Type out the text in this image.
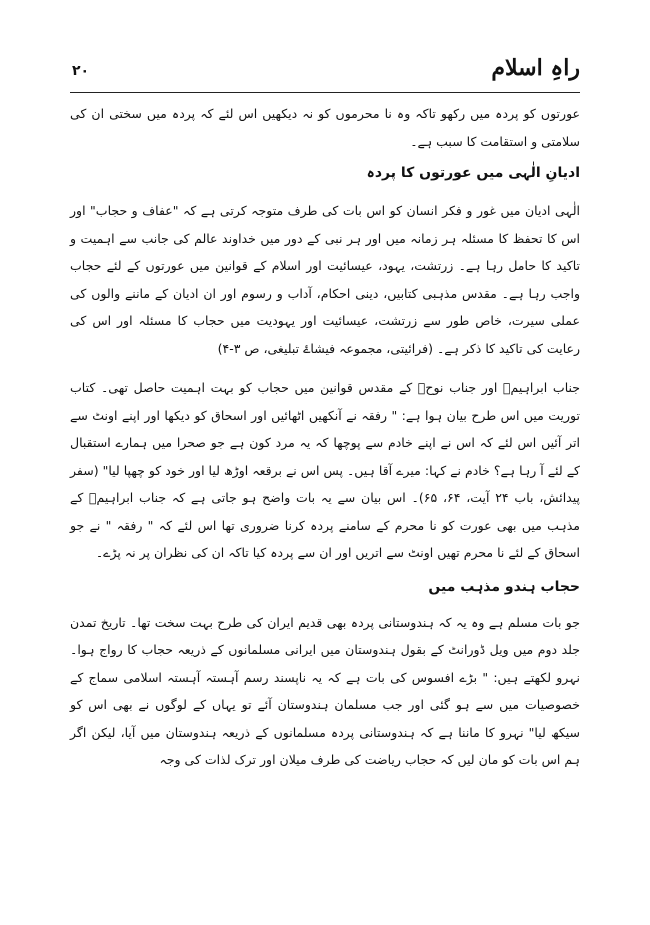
راہِ اسلام
۲۰

عورتوں کو پردہ میں رکھو تاکہ وہ نا محرموں کو نہ دیکھیں اس لئے کہ پردہ میں سختی ان کی سلامتی و استقامت کا سبب ہے۔

ادیانِ الٰہی میں عورتوں کا پردہ

الٰہی ادیان میں غور و فکر انسان کو اس بات کی طرف متوجہ کرتی ہے کہ "عفاف و حجاب" اور اس کا تحفظ کا مسئلہ ہر زمانہ میں اور ہر نبی کے دور میں خداوند عالم کی جانب سے اہمیت و تاکید کا حامل رہا ہے۔ زرتشت، یہود، عیسائیت اور اسلام کے قوانین میں عورتوں کے لئے حجاب واجب رہا ہے۔ مقدس مذہبی کتابیں، دینی احکام، آداب و رسوم اور ان ادیان کے ماننے والوں کی عملی سیرت، خاص طور سے زرتشت، عیسائیت اور یہودیت میں حجاب کا مسئلہ اور اس کی رعایت کی تاکید کا ذکر ہے۔ (فرائیتی، مجموعہ فیشاۓ تبلیغی، ص ۳-۴)

جناب ابراہیمؑ اور جناب نوحؑ کے مقدس قوانین میں حجاب کو بہت اہمیت حاصل تھی۔ کتاب توریت میں اس طرح بیان ہوا ہے: " رفقہ نے آنکھیں اٹھائیں اور اسحاق کو دیکھا اور اپنے اونٹ سے اتر آئیں اس لئے کہ اس نے اپنے خادم سے پوچھا کہ یہ مرد کون ہے جو صحرا میں ہمارے استقبال کے لئے آ رہا ہے؟ خادم نے کہا: میرے آقا ہیں۔ پس اس نے برقعہ اوڑھ لیا اور خود کو چھپا لیا" (سفر پیدائش، باب ۲۴ آیت، ۶۴، ۶۵)۔ اس بیان سے یہ بات واضح ہو جاتی ہے کہ جناب ابراہیمؑ کے مذہب میں بھی عورت کو نا محرم کے سامنے پردہ کرنا ضروری تھا اس لئے کہ " رفقہ " نے جو اسحاق کے لئے نا محرم تھیں اونٹ سے اتریں اور ان سے پردہ کیا تاکہ ان کی نظران پر نہ پڑے۔

حجاب ہندو مذہب میں

جو بات مسلم ہے وہ یہ کہ ہندوستانی پردہ بھی قدیم ایران کی طرح بہت سخت تھا۔ تاریخ تمدن جلد دوم میں ویل ڈورانٹ کے بقول ہندوستان میں ایرانی مسلمانوں کے ذریعہ حجاب کا رواج ہوا۔ نہرو لکھتے ہیں: " بڑے افسوس کی بات ہے کہ یہ ناپسند رسم آہستہ آہستہ اسلامی سماج کے خصوصیات میں سے ہو گئی اور جب مسلمان ہندوستان آئے تو یہاں کے لوگوں نے بھی اس کو سیکھ لیا" نہرو کا ماننا ہے کہ ہندوستانی پردہ مسلمانوں کے ذریعہ ہندوستان میں آیا، لیکن اگر ہم اس بات کو مان لیں کہ حجاب ریاضت کی طرف میلان اور ترک لذات کی وجہ
